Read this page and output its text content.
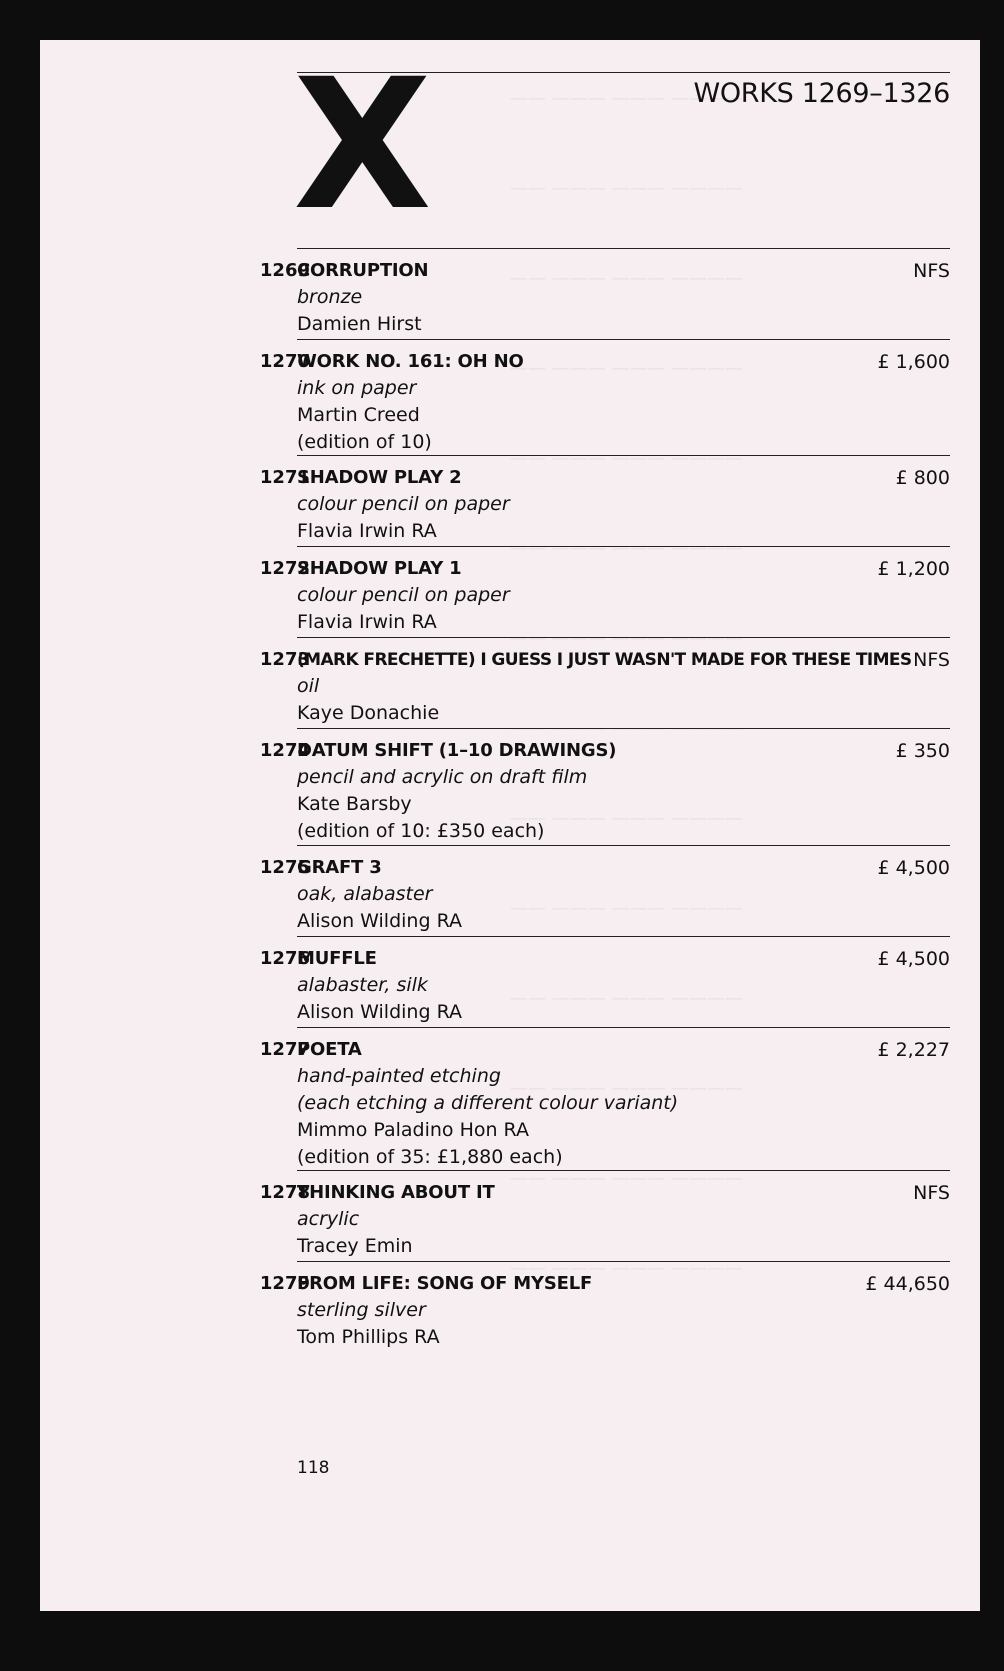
———— ——— ——— ——
———— ——— ——— ——
———— ——— ——— ——
———— ——— ——— ——
———— ——— ——— ——
———— ——— ——— ——
———— ——— ——— ——
———— ——— ——— ——
———— ——— ——— ——
———— ——— ——— ——
———— ——— ——— ——
———— ——— ——— ——
———— ——— ——— ——
———— ——— ——— ——
X	WORKS 1269–1326
1269
CORRUPTION
bronze
Damien Hirst
NFS
1270
WORK NO. 161: OH NO
ink on paper
Martin Creed
(edition of 10)
£ 1,600
1271
SHADOW PLAY 2
colour pencil on paper
Flavia Irwin RA
£ 800
1272
SHADOW PLAY 1
colour pencil on paper
Flavia Irwin RA
£ 1,200
1273
(MARK FRECHETTE) I GUESS I JUST WASN'T MADE FOR THESE TIMES
oil
Kaye Donachie
NFS
1274
DATUM SHIFT (1–10 DRAWINGS)
pencil and acrylic on draft film
Kate Barsby
(edition of 10: £350 each)
£ 350
1275
GRAFT 3
oak, alabaster
Alison Wilding RA
£ 4,500
1276
MUFFLE
alabaster, silk
Alison Wilding RA
£ 4,500
1277
POETA
hand-painted etching
(each etching a different colour variant)
Mimmo Paladino Hon RA
(edition of 35: £1,880 each)
£ 2,227
1278
THINKING ABOUT IT
acrylic
Tracey Emin
NFS
1279
FROM LIFE: SONG OF MYSELF
sterling silver
Tom Phillips RA
£ 44,650
118
